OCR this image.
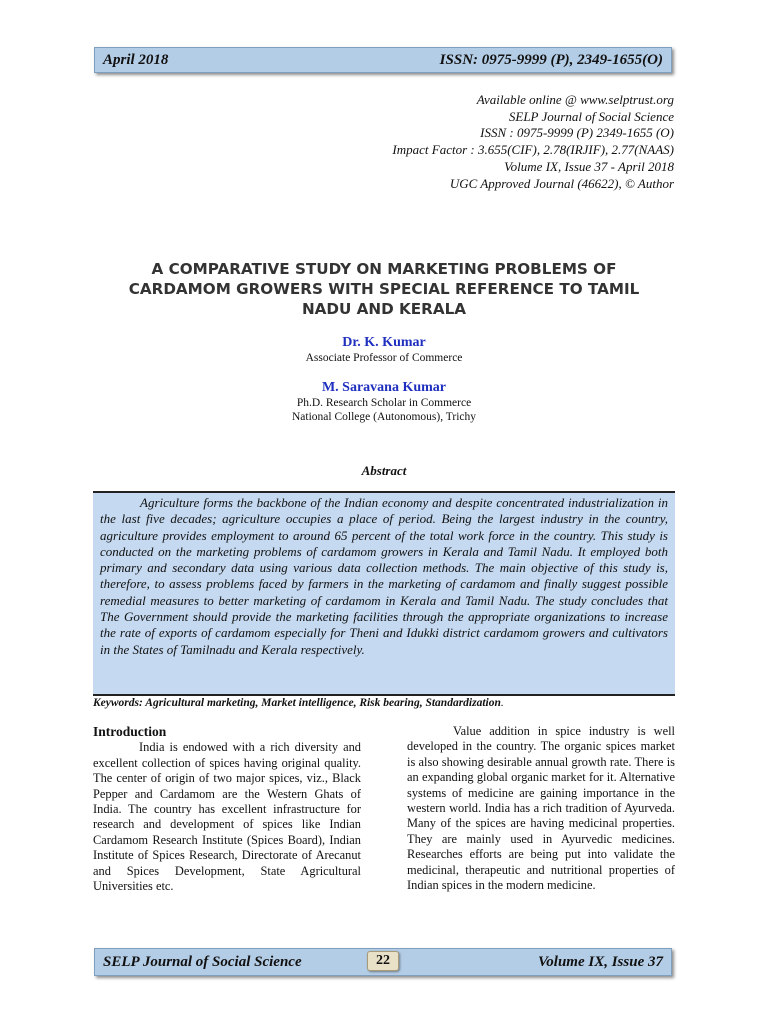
April 2018	ISSN: 0975-9999 (P), 2349-1655(O)
Available online @ www.selptrust.org
SELP Journal of Social Science
ISSN : 0975-9999 (P) 2349-1655 (O)
Impact Factor : 3.655(CIF), 2.78(IRJIF), 2.77(NAAS)
Volume IX, Issue 37 - April 2018
UGC Approved Journal (46622), © Author
A COMPARATIVE STUDY ON MARKETING PROBLEMS OF
CARDAMOM GROWERS WITH SPECIAL REFERENCE TO TAMIL
NADU AND KERALA
Dr. K. Kumar
Associate Professor of Commerce
M. Saravana Kumar
Ph.D. Research Scholar in Commerce
National College (Autonomous), Trichy
Abstract
Agriculture forms the backbone of the Indian economy and despite concentrated industrialization in the last five decades; agriculture occupies a place of period. Being the largest industry in the country, agriculture provides employment to around 65 percent of the total work force in the country. This study is conducted on the marketing problems of cardamom growers in Kerala and Tamil Nadu. It employed both primary and secondary data using various data collection methods. The main objective of this study is, therefore, to assess problems faced by farmers in the marketing of cardamom and finally suggest possible remedial measures to better marketing of cardamom in Kerala and Tamil Nadu. The study concludes that The Government should provide the marketing facilities through the appropriate organizations to increase the rate of exports of cardamom especially for Theni and Idukki district cardamom growers and cultivators in the States of Tamilnadu and Kerala respectively.
Keywords: Agricultural marketing, Market intelligence, Risk bearing, Standardization.
Introduction

India is endowed with a rich diversity and excellent collection of spices having original quality. The center of origin of two major spices, viz., Black Pepper and Cardamom are the Western Ghats of India. The country has excellent infrastructure for research and development of spices like Indian Cardamom Research Institute (Spices Board), Indian Institute of Spices Research, Directorate of Arecanut and Spices Development, State Agricultural Universities etc.

Value addition in spice industry is well developed in the country. The organic spices market is also showing desirable annual growth rate. There is an expanding global organic market for it. Alternative systems of medicine are gaining importance in the western world. India has a rich tradition of Ayurveda. Many of the spices are having medicinal properties. They are mainly used in Ayurvedic medicines. Researches efforts are being put into validate the medicinal, therapeutic and nutritional properties of Indian spices in the modern medicine.

SELP Journal of Social Science	22	Volume IX, Issue 37
